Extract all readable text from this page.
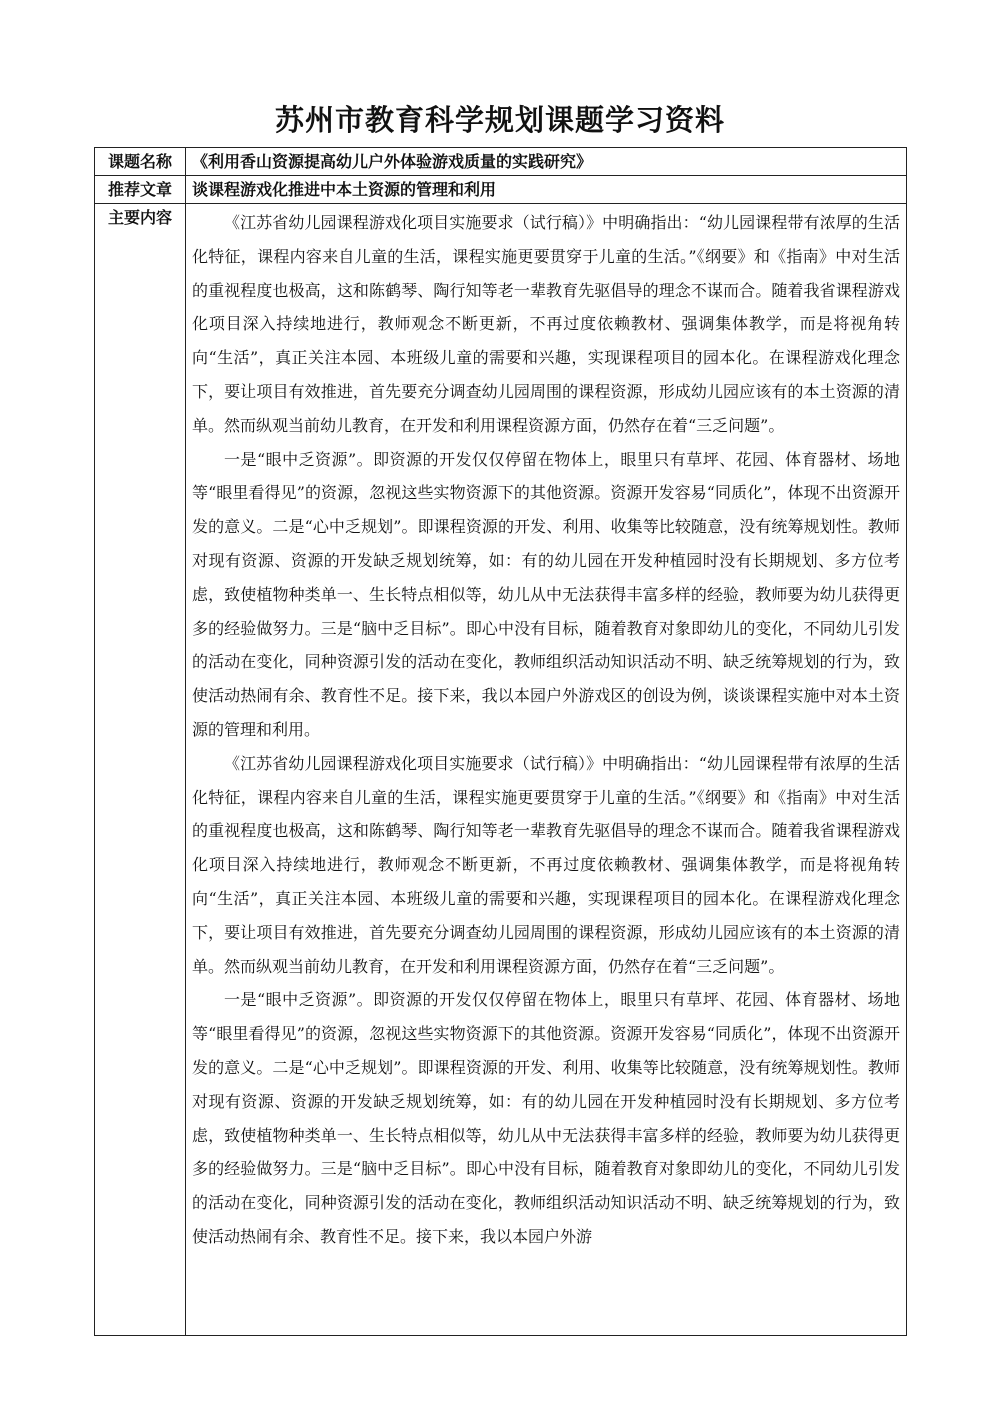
苏州市教育科学规划课题学习资料
课题名称	《利用香山资源提高幼儿户外体验游戏质量的实践研究》
推荐文章	谈课程游戏化推进中本土资源的管理和利用
主要内容	《江苏省幼儿园课程游戏化项目实施要求（试行稿）》中明确指出：“幼儿园课程带有浓厚的生活化特征，课程内容来自儿童的生活，课程实施更要贯穿于儿童的生活。”《纲要》和《指南》中对生活的重视程度也极高，这和陈鹤琴、陶行知等老一辈教育先驱倡导的理念不谋而合。随着我省课程游戏化项目深入持续地进行，教师观念不断更新，不再过度依赖教材、强调集体教学，而是将视角转向“生活”，真正关注本园、本班级儿童的需要和兴趣，实现课程项目的园本化。在课程游戏化理念下，要让项目有效推进，首先要充分调查幼儿园周围的课程资源，形成幼儿园应该有的本土资源的清单。然而纵观当前幼儿教育，在开发和利用课程资源方面，仍然存在着“三乏问题”。

一是“眼中乏资源”。即资源的开发仅仅停留在物体上，眼里只有草坪、花园、体育器材、场地等“眼里看得见”的资源，忽视这些实物资源下的其他资源。资源开发容易“同质化”，体现不出资源开发的意义。二是“心中乏规划”。即课程资源的开发、利用、收集等比较随意，没有统筹规划性。教师对现有资源、资源的开发缺乏规划统筹，如：有的幼儿园在开发种植园时没有长期规划、多方位考虑，致使植物种类单一、生长特点相似等，幼儿从中无法获得丰富多样的经验，教师要为幼儿获得更多的经验做努力。三是“脑中乏目标”。即心中没有目标，随着教育对象即幼儿的变化，不同幼儿引发的活动在变化，同种资源引发的活动在变化，教师组织活动知识活动不明、缺乏统筹规划的行为，致使活动热闹有余、教育性不足。接下来，我以本园户外游戏区的创设为例，谈谈课程实施中对本土资源的管理和利用。

《江苏省幼儿园课程游戏化项目实施要求（试行稿）》中明确指出：“幼儿园课程带有浓厚的生活化特征，课程内容来自儿童的生活，课程实施更要贯穿于儿童的生活。”《纲要》和《指南》中对生活的重视程度也极高，这和陈鹤琴、陶行知等老一辈教育先驱倡导的理念不谋而合。随着我省课程游戏化项目深入持续地进行，教师观念不断更新，不再过度依赖教材、强调集体教学，而是将视角转向“生活”，真正关注本园、本班级儿童的需要和兴趣，实现课程项目的园本化。在课程游戏化理念下，要让项目有效推进，首先要充分调查幼儿园周围的课程资源，形成幼儿园应该有的本土资源的清单。然而纵观当前幼儿教育，在开发和利用课程资源方面，仍然存在着“三乏问题”。

一是“眼中乏资源”。即资源的开发仅仅停留在物体上，眼里只有草坪、花园、体育器材、场地等“眼里看得见”的资源，忽视这些实物资源下的其他资源。资源开发容易“同质化”，体现不出资源开发的意义。二是“心中乏规划”。即课程资源的开发、利用、收集等比较随意，没有统筹规划性。教师对现有资源、资源的开发缺乏规划统筹，如：有的幼儿园在开发种植园时没有长期规划、多方位考虑，致使植物种类单一、生长特点相似等，幼儿从中无法获得丰富多样的经验，教师要为幼儿获得更多的经验做努力。三是“脑中乏目标”。即心中没有目标，随着教育对象即幼儿的变化，不同幼儿引发的活动在变化，同种资源引发的活动在变化，教师组织活动知识活动不明、缺乏统筹规划的行为，致使活动热闹有余、教育性不足。接下来，我以本园户外游
